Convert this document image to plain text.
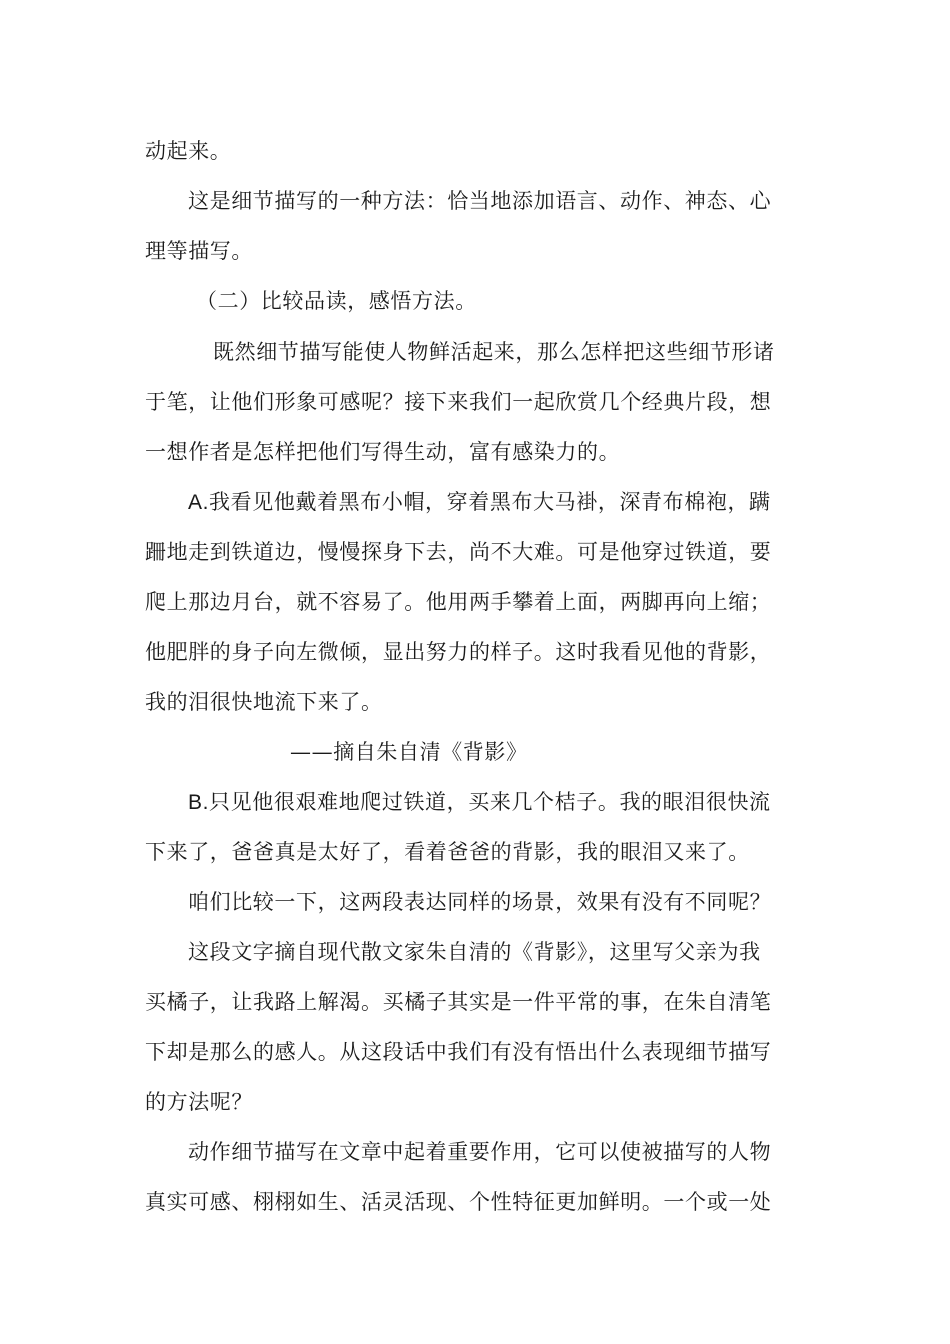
动起来。
这是细节描写的一种方法：恰当地添加语言、动作、神态、心
理等描写。
（二）比较品读，感悟方法。
既然细节描写能使人物鲜活起来，那么怎样把这些细节形诸
于笔，让他们形象可感呢？接下来我们一起欣赏几个经典片段，想
一想作者是怎样把他们写得生动，富有感染力的。
A.我看见他戴着黑布小帽，穿着黑布大马褂，深青布棉袍，蹒
跚地走到铁道边，慢慢探身下去，尚不大难。可是他穿过铁道，要
爬上那边月台，就不容易了。他用两手攀着上面，两脚再向上缩；
他肥胖的身子向左微倾，显出努力的样子。这时我看见他的背影，
我的泪很快地流下来了。
——摘自朱自清《背影》
B.只见他很艰难地爬过铁道，买来几个桔子。我的眼泪很快流
下来了，爸爸真是太好了，看着爸爸的背影，我的眼泪又来了。
咱们比较一下，这两段表达同样的场景，效果有没有不同呢？
这段文字摘自现代散文家朱自清的《背影》，这里写父亲为我
买橘子，让我路上解渴。买橘子其实是一件平常的事，在朱自清笔
下却是那么的感人。从这段话中我们有没有悟出什么表现细节描写
的方法呢？
动作细节描写在文章中起着重要作用，它可以使被描写的人物
真实可感、栩栩如生、活灵活现、个性特征更加鲜明。一个或一处
